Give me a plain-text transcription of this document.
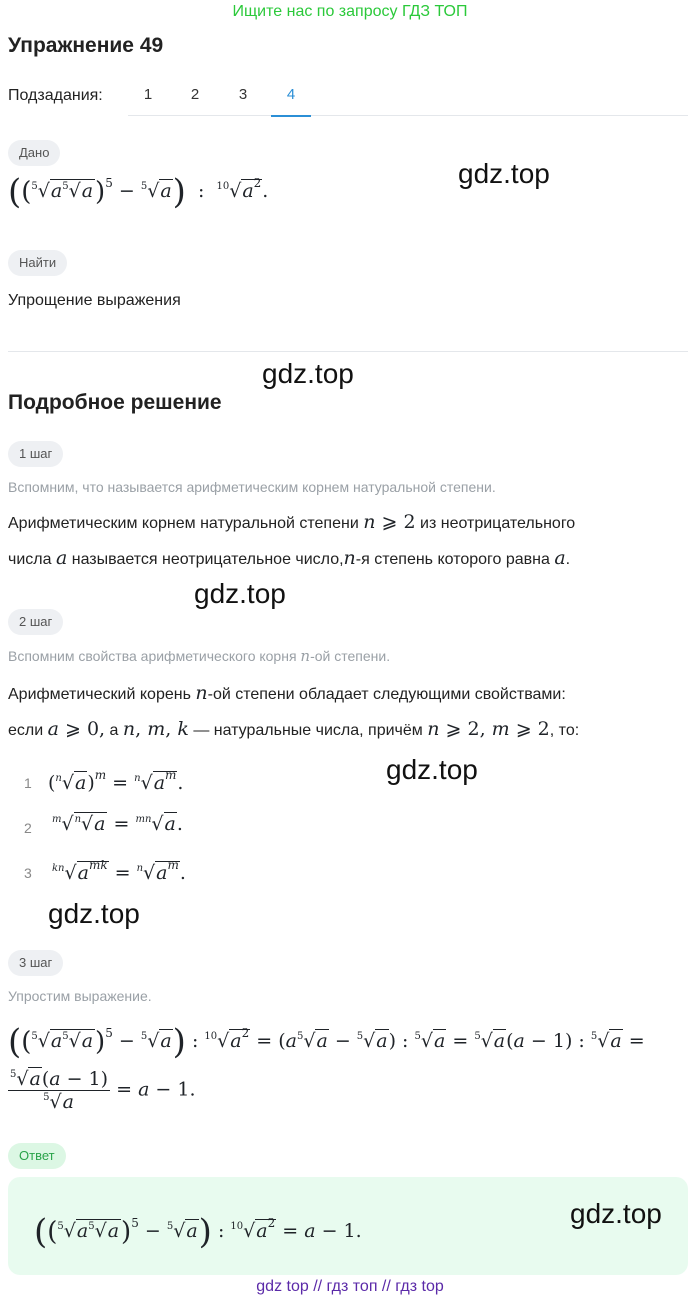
Ищите нас по запросу ГДЗ ТОП
Упражнение 49
Подзадания:	1	2	3	4
Дано
$((^5√a^5√a)^5 - ^5√a)$  :  $^{10}√a^2$.
gdz.top
Найти
Упрощение выражения
gdz.top
Подробное решение
1 шаг
Вспомним, что называется арифметическим корнем натуральной степени.
Арифметическим корнем натуральной степени n ⩾ 2 из неотрицательного
числа a называется неотрицательное число,n-я степень которого равна a.
gdz.top
2 шаг
Вспомним свойства арифметического корня n-ой степени.
Арифметический корень n-ой степени обладает следующими свойствами:
если a ⩾ 0, а n, m, k — натуральные числа, причём n ⩾ 2, m ⩾ 2, то:
1 $(^n√a)^m = ^n√a^m$.	gdz.top
2
$^m$√$^n$√a = $^{mn}$√a.
3 $^{kn}√a^{mk} = ^n√a^m$.
gdz.top
3 шаг
Упростим выражение.
$((^5√a^5√a)^5 - ^5√a)$ : $^{10}√a^2 = (a^5√a - ^5√a)$ : $^5$√a = $^5$√a(a − 1) : $^5$√a =
$\frac{^5√a(a - 1)}{^5√a} = a - 1$.
Ответ
$((^5√a^5√a)^5 - ^5√a)$ : $^{10}√a^2 = a - 1$.
gdz.top
gdz top // гдз топ // гдз top
